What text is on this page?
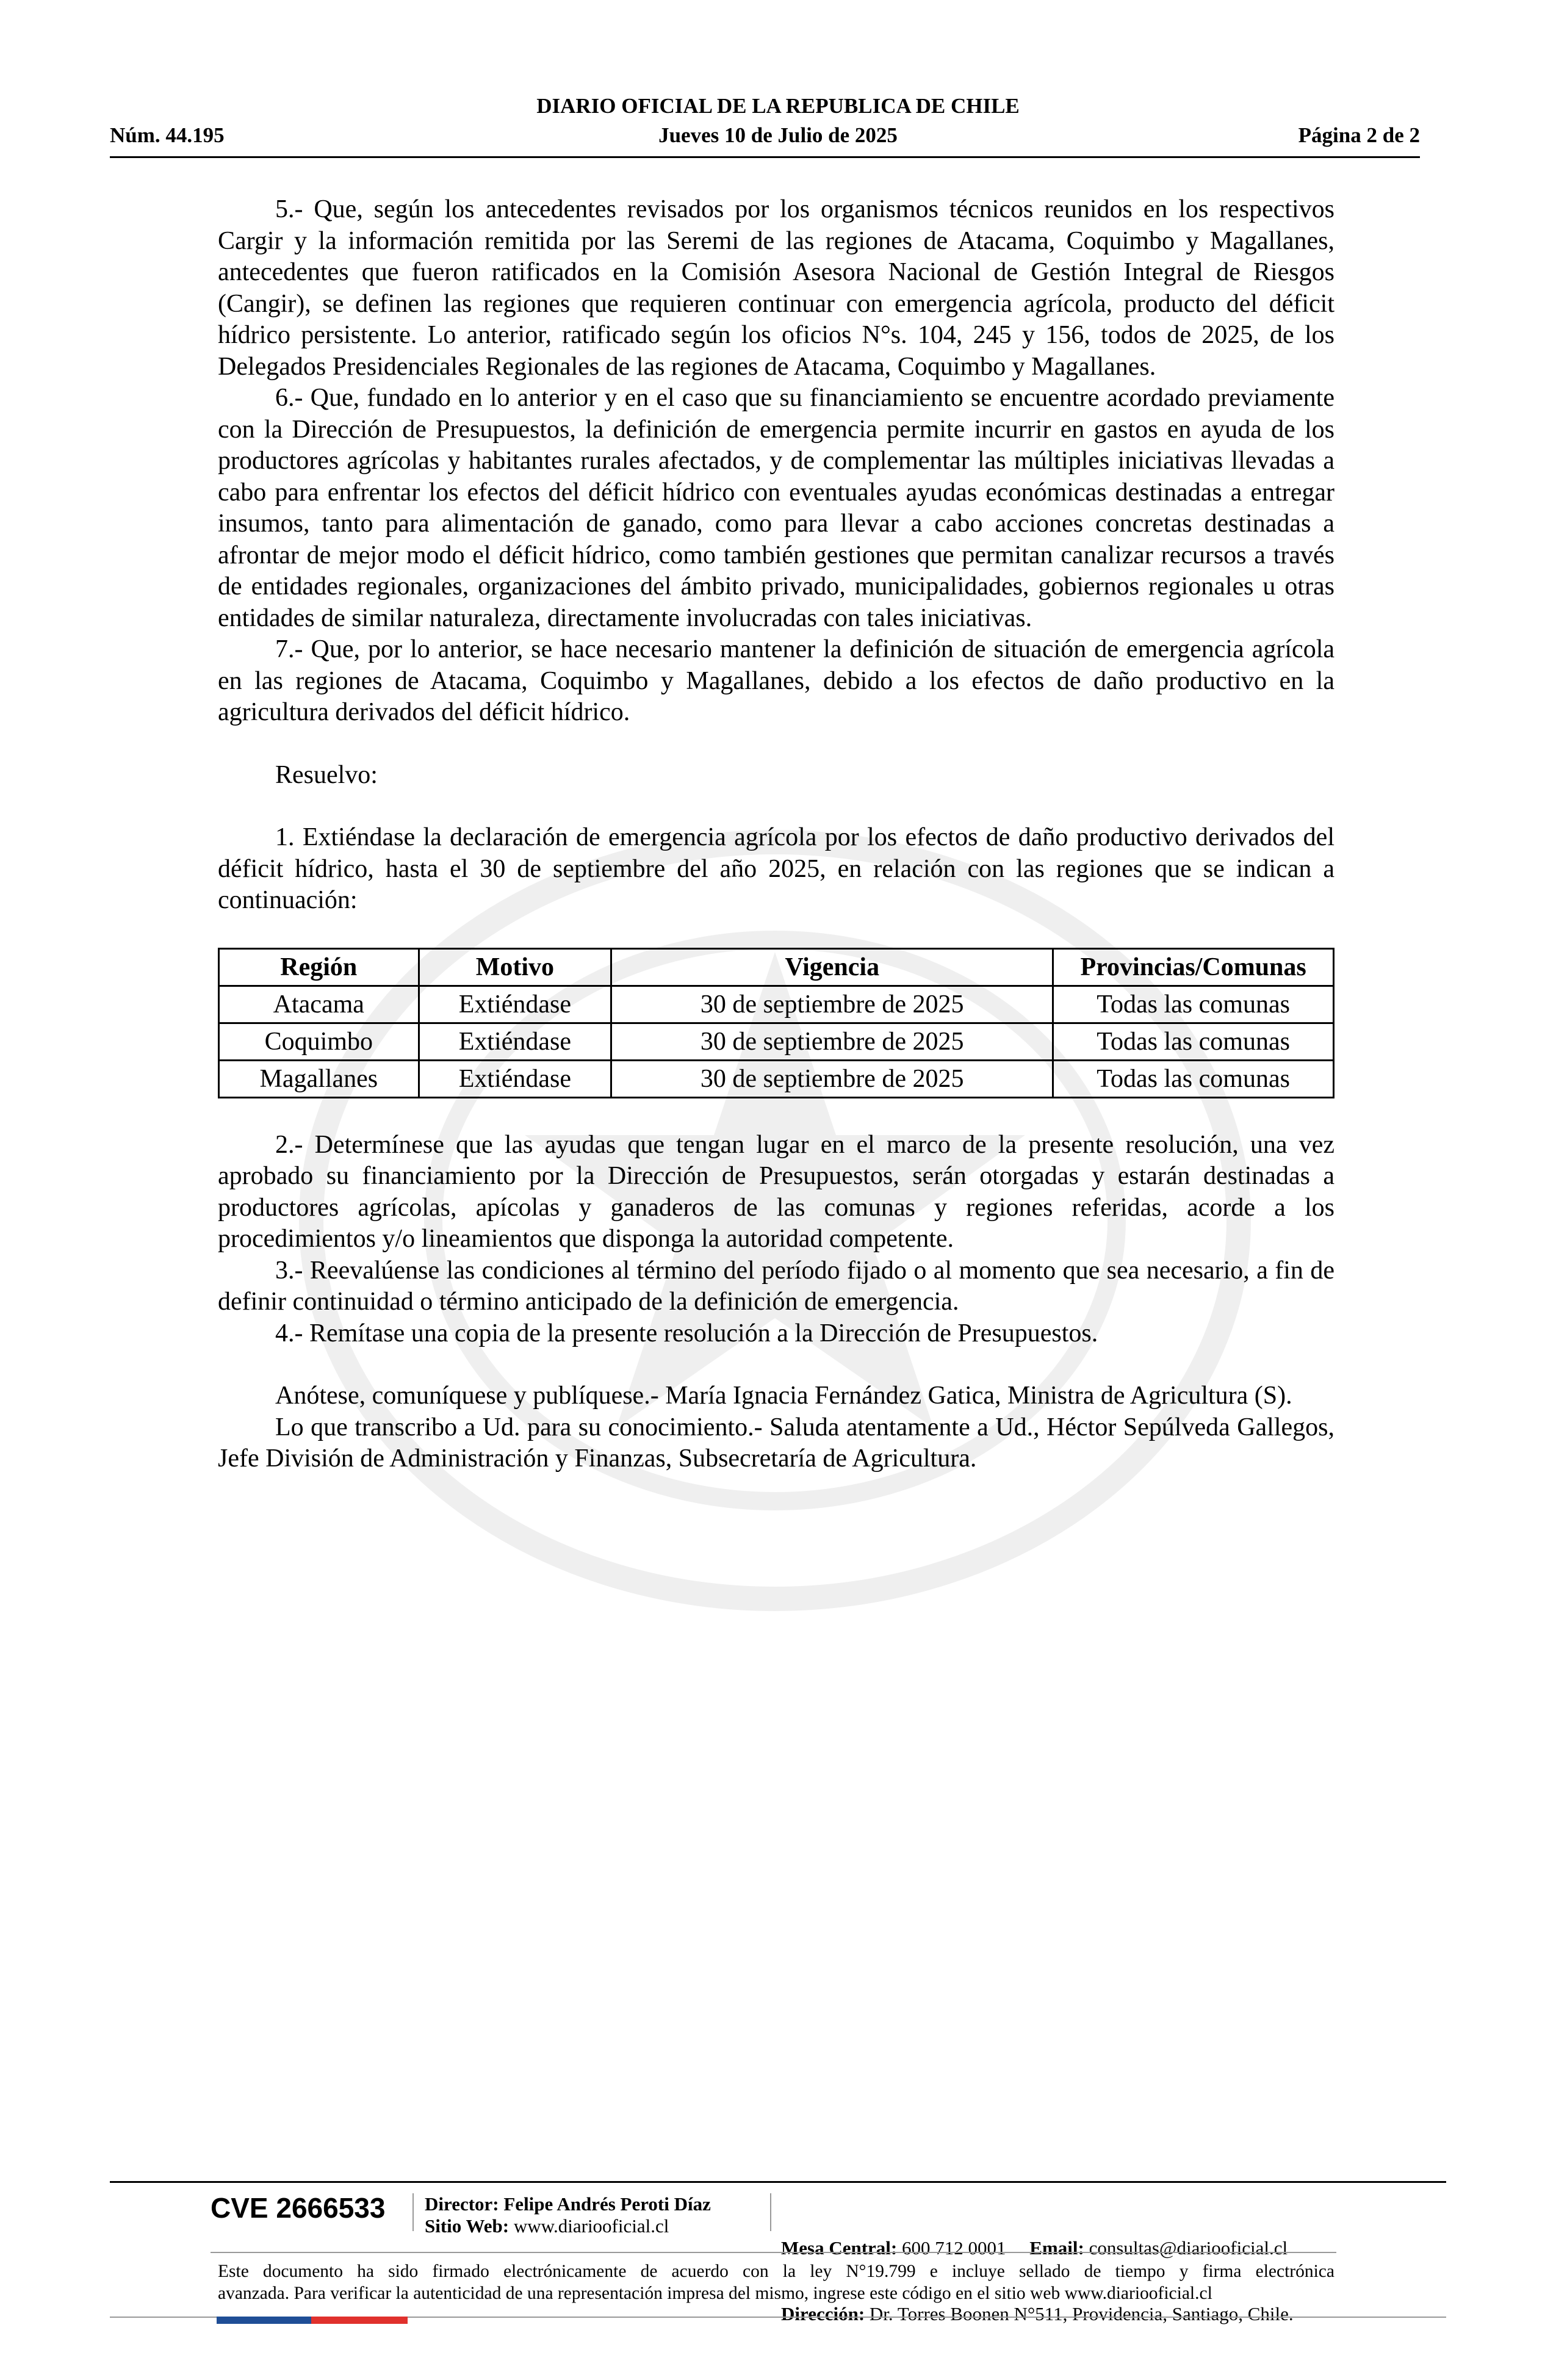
DIARIO OFICIAL DE LA REPUBLICA DE CHILE
Núm. 44.195	Jueves 10 de Julio de 2025	Página 2 de 2

5.- Que, según los antecedentes revisados por los organismos técnicos reunidos en los respectivos Cargir y la información remitida por las Seremi de las regiones de Atacama, Coquimbo y Magallanes, antecedentes que fueron ratificados en la Comisión Asesora Nacional de Gestión Integral de Riesgos (Cangir), se definen las regiones que requieren continuar con emergencia agrícola, producto del déficit hídrico persistente. Lo anterior, ratificado según los oficios N°s. 104, 245 y 156, todos de 2025, de los Delegados Presidenciales Regionales de las regiones de Atacama, Coquimbo y Magallanes.

6.- Que, fundado en lo anterior y en el caso que su financiamiento se encuentre acordado previamente con la Dirección de Presupuestos, la definición de emergencia permite incurrir en gastos en ayuda de los productores agrícolas y habitantes rurales afectados, y de complementar las múltiples iniciativas llevadas a cabo para enfrentar los efectos del déficit hídrico con eventuales ayudas económicas destinadas a entregar insumos, tanto para alimentación de ganado, como para llevar a cabo acciones concretas destinadas a afrontar de mejor modo el déficit hídrico, como también gestiones que permitan canalizar recursos a través de entidades regionales, organizaciones del ámbito privado, municipalidades, gobiernos regionales u otras entidades de similar naturaleza, directamente involucradas con tales iniciativas.

7.- Que, por lo anterior, se hace necesario mantener la definición de situación de emergencia agrícola en las regiones de Atacama, Coquimbo y Magallanes, debido a los efectos de daño productivo en la agricultura derivados del déficit hídrico.

Resuelvo:

1. Extiéndase la declaración de emergencia agrícola por los efectos de daño productivo derivados del déficit hídrico, hasta el 30 de septiembre del año 2025, en relación con las regiones que se indican a continuación:

Región	Motivo	Vigencia	Provincias/Comunas
Atacama	Extiéndase	30 de septiembre de 2025	Todas las comunas
Coquimbo	Extiéndase	30 de septiembre de 2025	Todas las comunas
Magallanes	Extiéndase	30 de septiembre de 2025	Todas las comunas

2.- Determínese que las ayudas que tengan lugar en el marco de la presente resolución, una vez aprobado su financiamiento por la Dirección de Presupuestos, serán otorgadas y estarán destinadas a productores agrícolas, apícolas y ganaderos de las comunas y regiones referidas, acorde a los procedimientos y/o lineamientos que disponga la autoridad competente.

3.- Reevalúense las condiciones al término del período fijado o al momento que sea necesario, a fin de definir continuidad o término anticipado de la definición de emergencia.

4.- Remítase una copia de la presente resolución a la Dirección de Presupuestos.

Anótese, comuníquese y publíquese.- María Ignacia Fernández Gatica, Ministra de Agricultura (S).

Lo que transcribo a Ud. para su conocimiento.- Saluda atentamente a Ud., Héctor Sepúlveda Gallegos, Jefe División de Administración y Finanzas, Subsecretaría de Agricultura.

CVE 2666533 Director: Felipe Andrés Peroti Díaz
Sitio Web: www.diariooficial.cl

Mesa Central: 600 712 0001 Email: consultas@diariooficial.cl

Dirección: Dr. Torres Boonen N°511, Providencia, Santiago, Chile.

Este documento ha sido firmado electrónicamente de acuerdo con la ley N°19.799 e incluye sellado de tiempo y firma electrónica
avanzada. Para verificar la autenticidad de una representación impresa del mismo, ingrese este código en el sitio web www.diariooficial.cl
